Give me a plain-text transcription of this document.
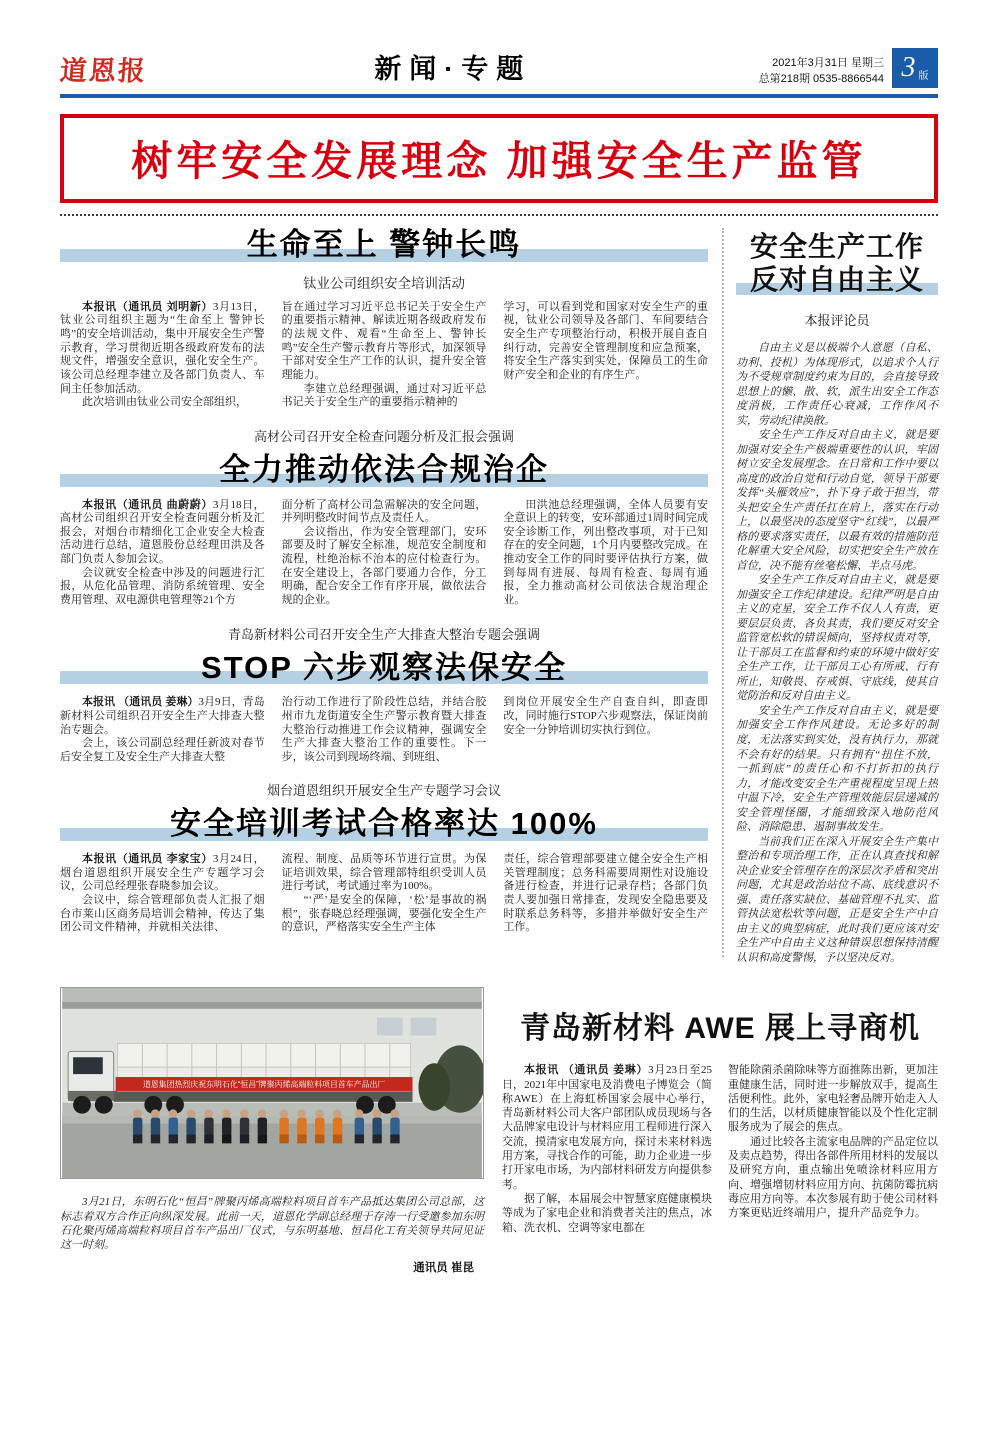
道恩报	新闻·专题	2021年3月31日 星期三
总第218期 0535-8866544 3 版
树牢安全发展理念 加强安全生产监管
生命至上 警钟长鸣
钛业公司组织安全培训活动

本报讯（通讯员 刘明新）3月13日，钛业公司组织主题为“生命至上 警钟长鸣”的安全培训活动，集中开展安全生产警示教育，学习贯彻近期各级政府发布的法规文件，增强安全意识，强化安全生产。该公司总经理李建立及各部门负责人、车间主任参加活动。

此次培训由钛业公司安全部组织，

旨在通过学习习近平总书记关于安全生产的重要指示精神、解读近期各级政府发布的法规文件、观看“生命至上、警钟长鸣”安全生产警示教育片等形式，加深领导干部对安全生产工作的认识，提升安全管理能力。

李建立总经理强调，通过对习近平总书记关于安全生产的重要指示精神的

学习，可以看到党和国家对安全生产的重视，钛业公司领导及各部门、车间要结合安全生产专项整治行动，积极开展自查自纠行动，完善安全管理制度和应急预案，将安全生产落实到实处，保障员工的生命财产安全和企业的有序生产。

高材公司召开安全检查问题分析及汇报会强调
全力推动依法合规治企

本报讯（通讯员 曲蔚蔚）3月18日，高材公司组织召开安全检查问题分析及汇报会，对烟台市精细化工企业安全大检查活动进行总结，道恩股份总经理田洪及各部门负责人参加会议。

会议就安全检查中涉及的问题进行汇报，从危化品管理、消防系统管理、安全费用管理、双电源供电管理等21个方

面分析了高材公司急需解决的安全问题，并列明整改时间节点及责任人。

会议指出，作为安全管理部门，安环部要及时了解安全标准，规范安全制度和流程，杜绝治标不治本的应付检查行为。在安全建设上，各部门要通力合作，分工明确，配合安全工作有序开展，做依法合规的企业。

田洪池总经理强调，全体人员要有安全意识上的转变，安环部通过1周时间完成安全诊断工作，列出整改事项，对于已知存在的安全问题，1个月内要整改完成。在推动安全工作的同时要评估执行方案，做到每周有进展、每周有检查、每周有通报，全力推动高材公司依法合规治理企业。

青岛新材料公司召开安全生产大排查大整治专题会强调
STOP 六步观察法保安全

本报讯 （通讯员 姜琳）3月9日，青岛新材料公司组织召开安全生产大排查大整治专题会。

会上，该公司副总经理任新波对春节后安全复工及安全生产大排查大整

治行动工作进行了阶段性总结，并结合胶州市九龙街道安全生产警示教育暨大排查大整治行动推进工作会议精神，强调安全生产大排查大整治工作的重要性。下一步，该公司到现场终端、到班组、

到岗位开展安全生产自查自纠，即查即改，同时施行STOP六步观察法，保证岗前安全一分钟培训切实执行到位。

烟台道恩组织开展安全生产专题学习会议
安全培训考试合格率达 100%

本报讯（通讯员 李家宝）3月24日，烟台道恩组织开展安全生产专题学习会议，公司总经理张春晓参加会议。

会议中，综合管理部负责人汇报了烟台市莱山区商务局培训会精神，传达了集团公司文件精神，并就相关法律、

流程、制度、品质等环节进行宣贯。为保证培训效果，综合管理部特组织受训人员进行考试，考试通过率为100%。

“‘严’是安全的保障，‘松’是事故的祸根”，张春晓总经理强调，要强化安全生产的意识，严格落实安全生产主体

责任，综合管理部要建立健全安全生产相关管理制度；总务科需要周期性对设施设备进行检查，并进行记录存档；各部门负责人要加强日常排查，发现安全隐患要及时联系总务科等，多措并举做好安全生产工作。

安全生产工作
反对自由主义
本报评论员

自由主义是以极端个人意愿（自私、功利、投机）为体现形式，以追求个人行为不受规章制度约束为目的，会直接导致思想上的懒、散、软，派生出安全工作态度消极，工作责任心衰减，工作作风不实，劳动纪律涣散。

安全生产工作反对自由主义，就是要加强对安全生产极端重要性的认识，牢固树立安全发展理念。在日常和工作中要以高度的政治自觉和行动自觉，领导干部要发挥“头雁效应”，扑下身子敢于担当，带头把安全生产责任扛在肩上，落实在行动上，以最坚决的态度坚守“红线”，以最严格的要求落实责任，以最有效的措施防范化解重大安全风险，切实把安全生产放在首位，决不能有丝毫松懈、半点马虎。

安全生产工作反对自由主义，就是要加强安全工作纪律建设。纪律严明是自由主义的克星，安全工作不仅人人有责，更要层层负责、各负其责，我们要反对安全监管宽松软的错误倾向，坚持权责对等，让干部员工在监督和约束的环境中做好安全生产工作，让干部员工心有所戒、行有所止，知敬畏、存戒惧、守底线，使其自觉防治和反对自由主义。

安全生产工作反对自由主义，就是要加强安全工作作风建设。无论多好的制度，无法落实到实处，没有执行力，那就不会有好的结果。只有拥有“扭住不放，一抓到底”的责任心和不打折扣的执行力，才能改变安全生产重视程度呈现上热中温下冷，安全生产管理效能层层递减的安全管理怪圈，才能细致深入地防范风险、消除隐患、遏制事故发生。

当前我们正在深入开展安全生产集中整治和专项治理工作，正在认真查找和解决企业安全管理存在的深层次矛盾和突出问题，尤其是政治站位不高、底线意识不强、责任落实缺位、基础管理不扎实、监管执法宽松软等问题，正是安全生产中自由主义的典型病症，此时我们更应该对安全生产中自由主义这种错误思想保持清醒认识和高度警惕，予以坚决反对。

道恩集团热烈庆祝东明石化“恒昌”牌聚丙烯高端粒料项目首车产品出厂
3月21日，东明石化“恒昌”牌聚丙烯高端粒料项目首车产品抵达集团公司总部，这标志着双方合作正向纵深发展。此前一天，道恩化学副总经理于存涛一行受邀参加东明石化聚丙烯高端粒料项目首车产品出厂仪式，与东明基地、恒昌化工有关领导共同见证这一时刻。
通讯员 崔昆
青岛新材料 AWE 展上寻商机

本报讯 （通讯员 姜琳）3月23日至25日，2021年中国家电及消费电子博览会（简称AWE）在上海虹桥国家会展中心举行，青岛新材料公司大客户部团队成员现场与各大品牌家电设计与材料应用工程师进行深入交流，摸清家电发展方向，探讨未来材料选用方案，寻找合作的可能，助力企业进一步打开家电市场，为内部材料研发方向提供参考。

据了解，本届展会中智慧家庭健康模块等成为了家电企业和消费者关注的焦点，冰箱、洗衣机、空调等家电都在

智能除菌杀菌除味等方面推陈出新，更加注重健康生活，同时进一步解放双手，提高生活便利性。此外，家电轻奢品牌开始走入人们的生活，以材质健康智能以及个性化定制服务成为了展会的焦点。

通过比较各主流家电品牌的产品定位以及卖点趋势，得出各部件所用材料的发展以及研究方向，重点输出免喷涂材料应用方向、增强增韧材料应用方向、抗菌防霉抗病毒应用方向等。本次参展有助于使公司材料方案更贴近终端用户，提升产品竞争力。
